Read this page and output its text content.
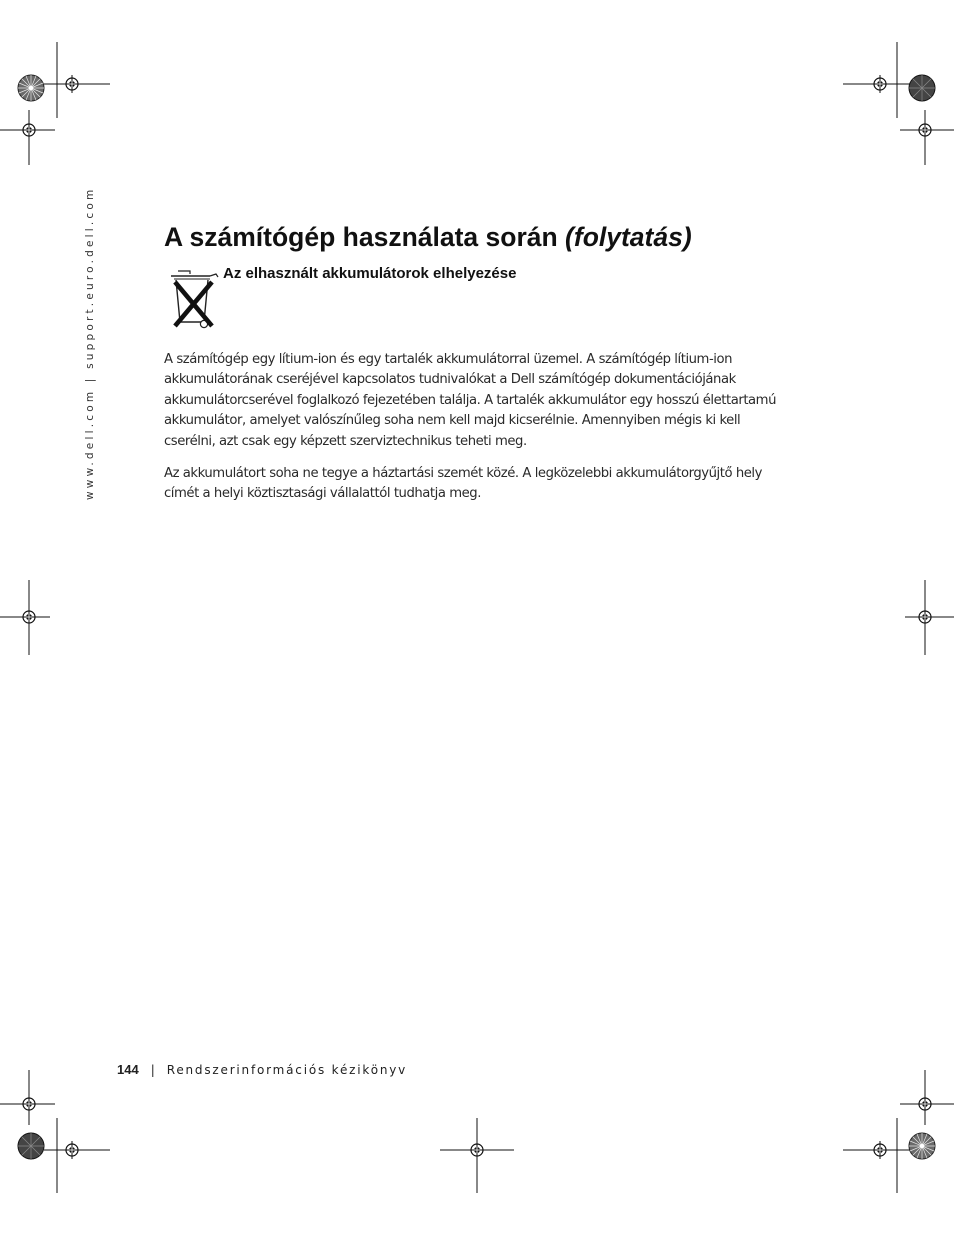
www.dell.com | support.euro.dell.com	A számítógép használata során (folytatás)
Az elhasznált akkumulátorok elhelyezése

A számítógép egy lítium-ion és egy tartalék akkumulátorral üzemel. A számítógép lítium-ion akkumulátorának cseréjével kapcsolatos tudnivalókat a Dell számítógép dokumentációjának akkumulátorcserével foglalkozó fejezetében találja. A tartalék akkumulátor egy hosszú élettartamú akkumulátor, amelyet valószínűleg soha nem kell majd kicserélnie. Amennyiben mégis ki kell cserélni, azt csak egy képzett szerviztechnikus teheti meg.

Az akkumulátort soha ne tegye a háztartási szemét közé. A legközelebbi akkumulátorgyűjtő hely címét a helyi köztisztasági vállalattól tudhatja meg.

144 | Rendszerinformációs kézikönyv
